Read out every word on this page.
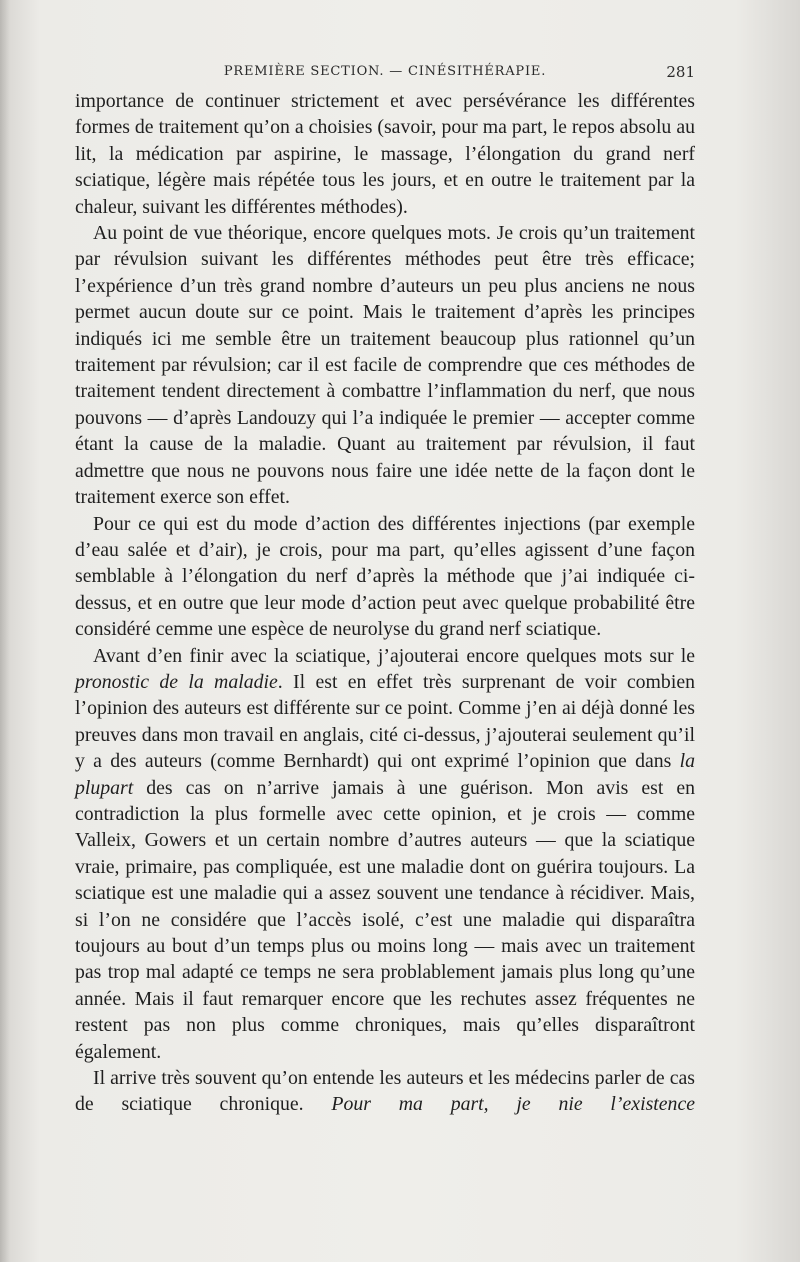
PREMIÈRE SECTION. — CINÉSITHÉRAPIE.	281

importance de continuer strictement et avec persévérance les différentes formes de traitement qu’on a choisies (savoir, pour ma part, le repos absolu au lit, la médication par aspirine, le massage, l’élongation du grand nerf sciatique, légère mais répétée tous les jours, et en outre le traitement par la chaleur, suivant les différentes méthodes).

Au point de vue théorique, encore quelques mots. Je crois qu’un traitement par révulsion suivant les différentes méthodes peut être très efficace; l’expérience d’un très grand nombre d’auteurs un peu plus anciens ne nous permet aucun doute sur ce point. Mais le traitement d’après les principes indiqués ici me semble être un traitement beaucoup plus rationnel qu’un traitement par révulsion; car il est facile de comprendre que ces méthodes de traitement tendent directement à combattre l’inflammation du nerf, que nous pouvons — d’après Landouzy qui l’a indiquée le premier — accepter comme étant la cause de la maladie. Quant au traitement par révulsion, il faut admettre que nous ne pouvons nous faire une idée nette de la façon dont le traitement exerce son effet.

Pour ce qui est du mode d’action des différentes injections (par exemple d’eau salée et d’air), je crois, pour ma part, qu’elles agissent d’une façon semblable à l’élongation du nerf d’après la méthode que j’ai indiquée ci-dessus, et en outre que leur mode d’action peut avec quelque probabilité être considéré cemme une espèce de neurolyse du grand nerf sciatique.

Avant d’en finir avec la sciatique, j’ajouterai encore quelques mots sur le pronostic de la maladie. Il est en effet très surprenant de voir combien l’opinion des auteurs est différente sur ce point. Comme j’en ai déjà donné les preuves dans mon travail en anglais, cité ci-dessus, j’ajouterai seulement qu’il y a des auteurs (comme Bernhardt) qui ont exprimé l’opinion que dans la plupart des cas on n’arrive jamais à une guérison. Mon avis est en contradiction la plus formelle avec cette opinion, et je crois — comme Valleix, Gowers et un certain nombre d’autres auteurs — que la sciatique vraie, primaire, pas compliquée, est une maladie dont on guérira toujours. La sciatique est une maladie qui a assez souvent une tendance à récidiver. Mais, si l’on ne considére que l’accès isolé, c’est une maladie qui disparaîtra toujours au bout d’un temps plus ou moins long — mais avec un traitement pas trop mal adapté ce temps ne sera problablement jamais plus long qu’une année. Mais il faut remarquer encore que les rechutes assez fréquentes ne restent pas non plus comme chroniques, mais qu’elles disparaîtront également.

Il arrive très souvent qu’on entende les auteurs et les médecins parler de cas de sciatique chronique. Pour ma part, je nie l’existence
